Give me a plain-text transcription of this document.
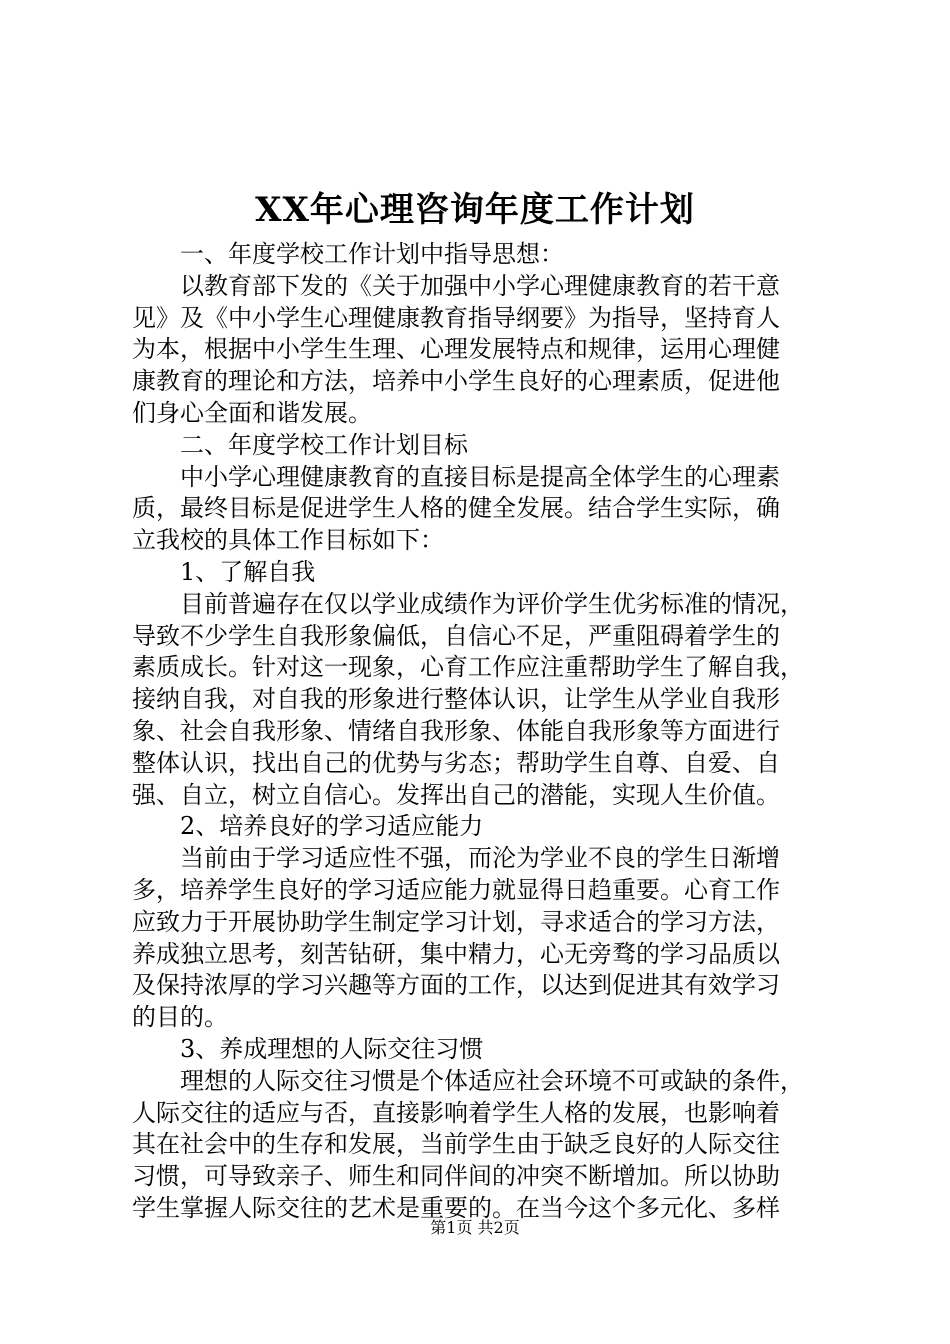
XX年心理咨询年度工作计划
一、年度学校工作计划中指导思想：
以教育部下发的《关于加强中小学心理健康教育的若干意
见》及《中小学生心理健康教育指导纲要》为指导，坚持育人
为本，根据中小学生生理、心理发展特点和规律，运用心理健
康教育的理论和方法，培养中小学生良好的心理素质，促进他
们身心全面和谐发展。
二、年度学校工作计划目标
中小学心理健康教育的直接目标是提高全体学生的心理素
质，最终目标是促进学生人格的健全发展。结合学生实际，确
立我校的具体工作目标如下：
1、了解自我
目前普遍存在仅以学业成绩作为评价学生优劣标准的情况，
导致不少学生自我形象偏低，自信心不足，严重阻碍着学生的
素质成长。针对这一现象，心育工作应注重帮助学生了解自我，
接纳自我，对自我的形象进行整体认识，让学生从学业自我形
象、社会自我形象、情绪自我形象、体能自我形象等方面进行
整体认识，找出自己的优势与劣态；帮助学生自尊、自爱、自
强、自立，树立自信心。发挥出自己的潜能，实现人生价值。
2、培养良好的学习适应能力
当前由于学习适应性不强，而沦为学业不良的学生日渐增
多，培养学生良好的学习适应能力就显得日趋重要。心育工作
应致力于开展协助学生制定学习计划，寻求适合的学习方法，
养成独立思考，刻苦钻研，集中精力，心无旁骛的学习品质以
及保持浓厚的学习兴趣等方面的工作，以达到促进其有效学习
的目的。
3、养成理想的人际交往习惯
理想的人际交往习惯是个体适应社会环境不可或缺的条件，
人际交往的适应与否，直接影响着学生人格的发展，也影响着
其在社会中的生存和发展，当前学生由于缺乏良好的人际交往
习惯，可导致亲子、师生和同伴间的冲突不断增加。所以协助
学生掌握人际交往的艺术是重要的。在当今这个多元化、多样
第1页 共2页
